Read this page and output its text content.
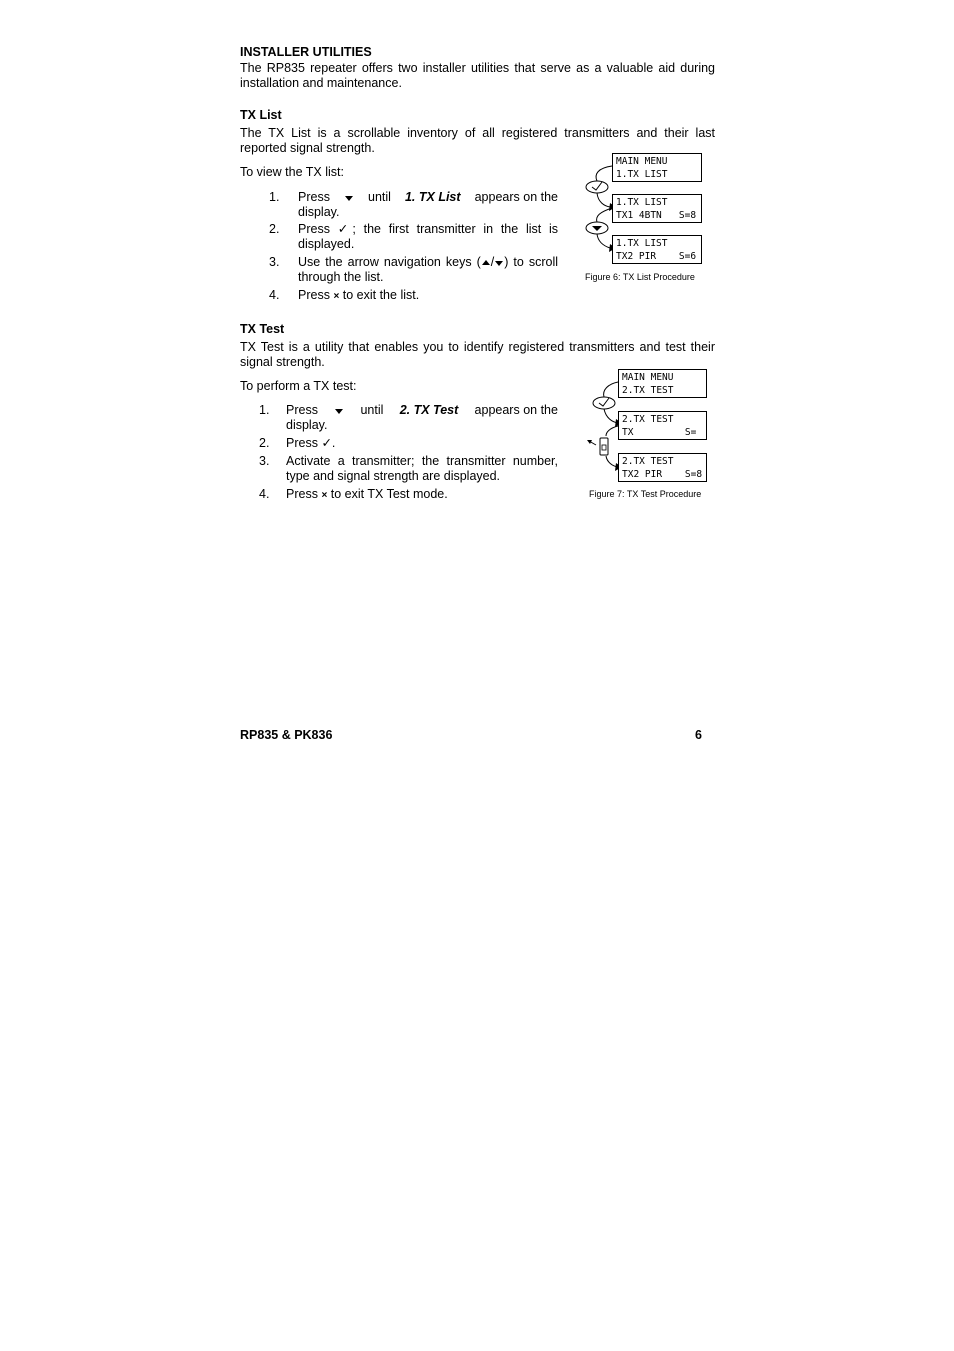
INSTALLER UTILITIES
The RP835 repeater offers two installer utilities that serve as a valuable aid during installation and maintenance.
TX List
The TX List is a scrollable inventory of all registered transmitters and their last reported signal strength.
To view the TX list:
1. Press	until 1. TX List appears on the
display.
2. Press ✓; the first transmitter in the list is displayed.
3. Use the arrow navigation keys ( / ) to scroll through the list.
4. Press × to exit the list.
MAIN MENU
1.TX LIST
1.TX LIST
TX1 4BTN   S=8
1.TX LIST
TX2 PIR    S=6
Figure 6: TX List Procedure
TX Test
TX Test is a utility that enables you to identify registered transmitters and test their signal strength.
To perform a TX test:
1. Press	until 2. TX Test appears on the
display.
2. Press ✓.
3. Activate a transmitter; the transmitter number, type and signal strength are displayed.
4. Press × to exit TX Test mode.
MAIN MENU
2.TX TEST
2.TX TEST
TX         S=
2.TX TEST
TX2 PIR    S=8
Figure 7: TX Test Procedure
RP835 & PK836	6
